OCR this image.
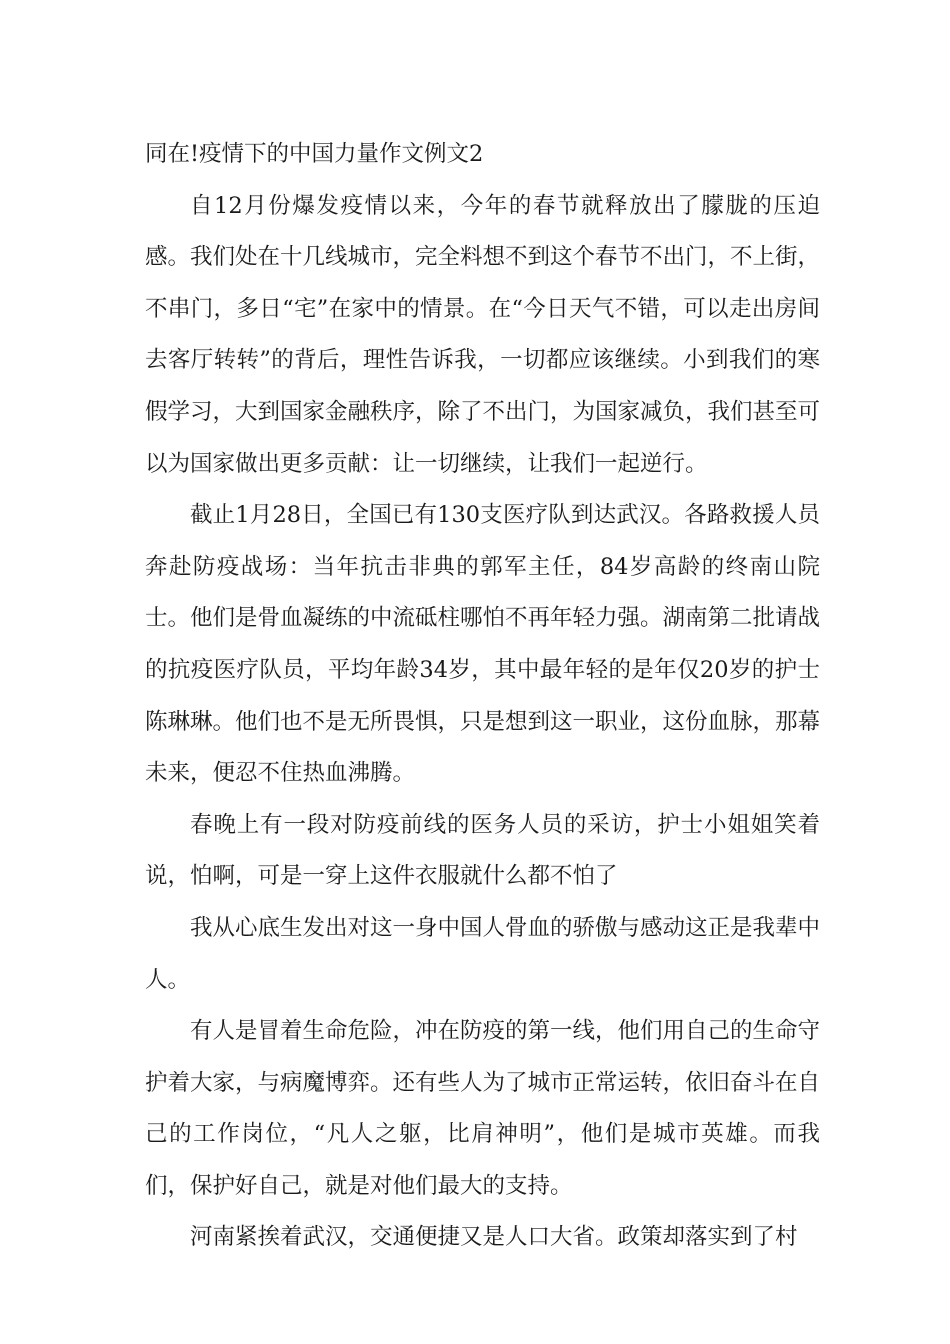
同在!疫情下的中国力量作文例文2

自12月份爆发疫情以来，今年的春节就释放出了朦胧的压迫感。我们处在十几线城市，完全料想不到这个春节不出门，不上街，不串门，多日“宅”在家中的情景。在“今日天气不错，可以走出房间去客厅转转”的背后，理性告诉我，一切都应该继续。小到我们的寒假学习，大到国家金融秩序，除了不出门，为国家减负，我们甚至可以为国家做出更多贡献：让一切继续，让我们一起逆行。

截止1月28日，全国已有130支医疗队到达武汉。各路救援人员奔赴防疫战场：当年抗击非典的郭军主任，84岁高龄的终南山院士。他们是骨血凝练的中流砥柱哪怕不再年轻力强。湖南第二批请战的抗疫医疗队员，平均年龄34岁，其中最年轻的是年仅20岁的护士陈琳琳。他们也不是无所畏惧，只是想到这一职业，这份血脉，那幕未来，便忍不住热血沸腾。

春晚上有一段对防疫前线的医务人员的采访，护士小姐姐笑着说，怕啊，可是一穿上这件衣服就什么都不怕了

我从心底生发出对这一身中国人骨血的骄傲与感动这正是我辈中人。

有人是冒着生命危险，冲在防疫的第一线，他们用自己的生命守护着大家，与病魔博弈。还有些人为了城市正常运转，依旧奋斗在自己的工作岗位，“凡人之躯，比肩神明”，他们是城市英雄。而我们，保护好自己，就是对他们最大的支持。

河南紧挨着武汉，交通便捷又是人口大省。政策却落实到了村
